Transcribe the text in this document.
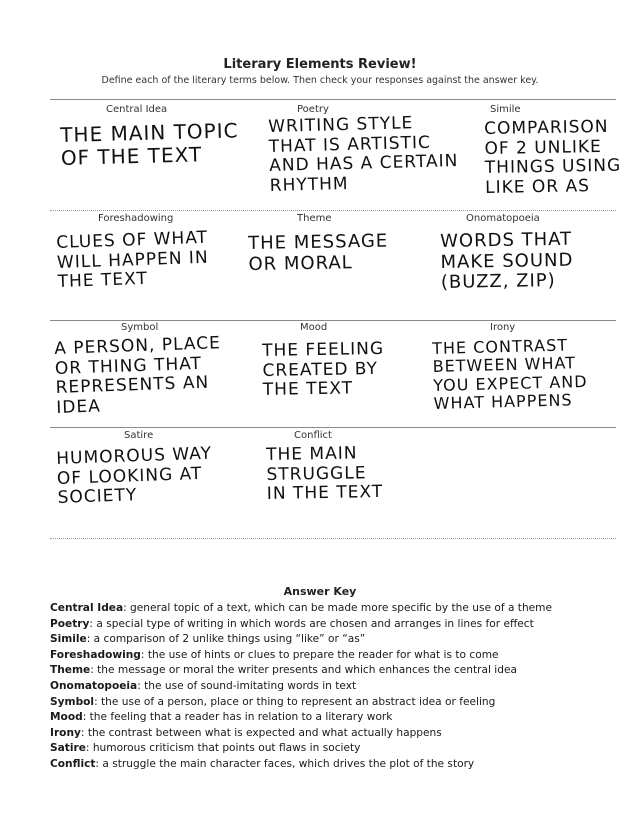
Literary Elements Review!
Define each of the literary terms below. Then check your responses against the answer key.
Central Idea
THE MAIN TOPIC
OF THE TEXT
Poetry
WRITING STYLE
THAT IS ARTISTIC
AND HAS A CERTAIN
RHYTHM
Simile
COMPARISON
OF 2 UNLIKE
THINGS USING
LIKE OR AS
Foreshadowing
CLUES OF WHAT
WILL HAPPEN IN
THE TEXT
Theme
THE MESSAGE
OR MORAL
Onomatopoeia
WORDS THAT
MAKE SOUND
(BUZZ, ZIP)
Symbol
A PERSON, PLACE
OR THING THAT
REPRESENTS AN
IDEA
Mood
THE FEELING
CREATED BY
THE TEXT
Irony
THE CONTRAST
BETWEEN WHAT
YOU EXPECT AND
WHAT HAPPENS
Satire
HUMOROUS WAY
OF LOOKING AT
SOCIETY
Conflict
THE MAIN
STRUGGLE
IN THE TEXT
Answer Key
Central Idea: general topic of a text, which can be made more specific by the use of a theme
Poetry: a special type of writing in which words are chosen and arranges in lines for effect
Simile: a comparison of 2 unlike things using “like” or “as”
Foreshadowing: the use of hints or clues to prepare the reader for what is to come
Theme: the message or moral the writer presents and which enhances the central idea
Onomatopoeia: the use of sound-imitating words in text
Symbol: the use of a person, place or thing to represent an abstract idea or feeling
Mood: the feeling that a reader has in relation to a literary work
Irony: the contrast between what is expected and what actually happens
Satire: humorous criticism that points out flaws in society
Conflict: a struggle the main character faces, which drives the plot of the story
